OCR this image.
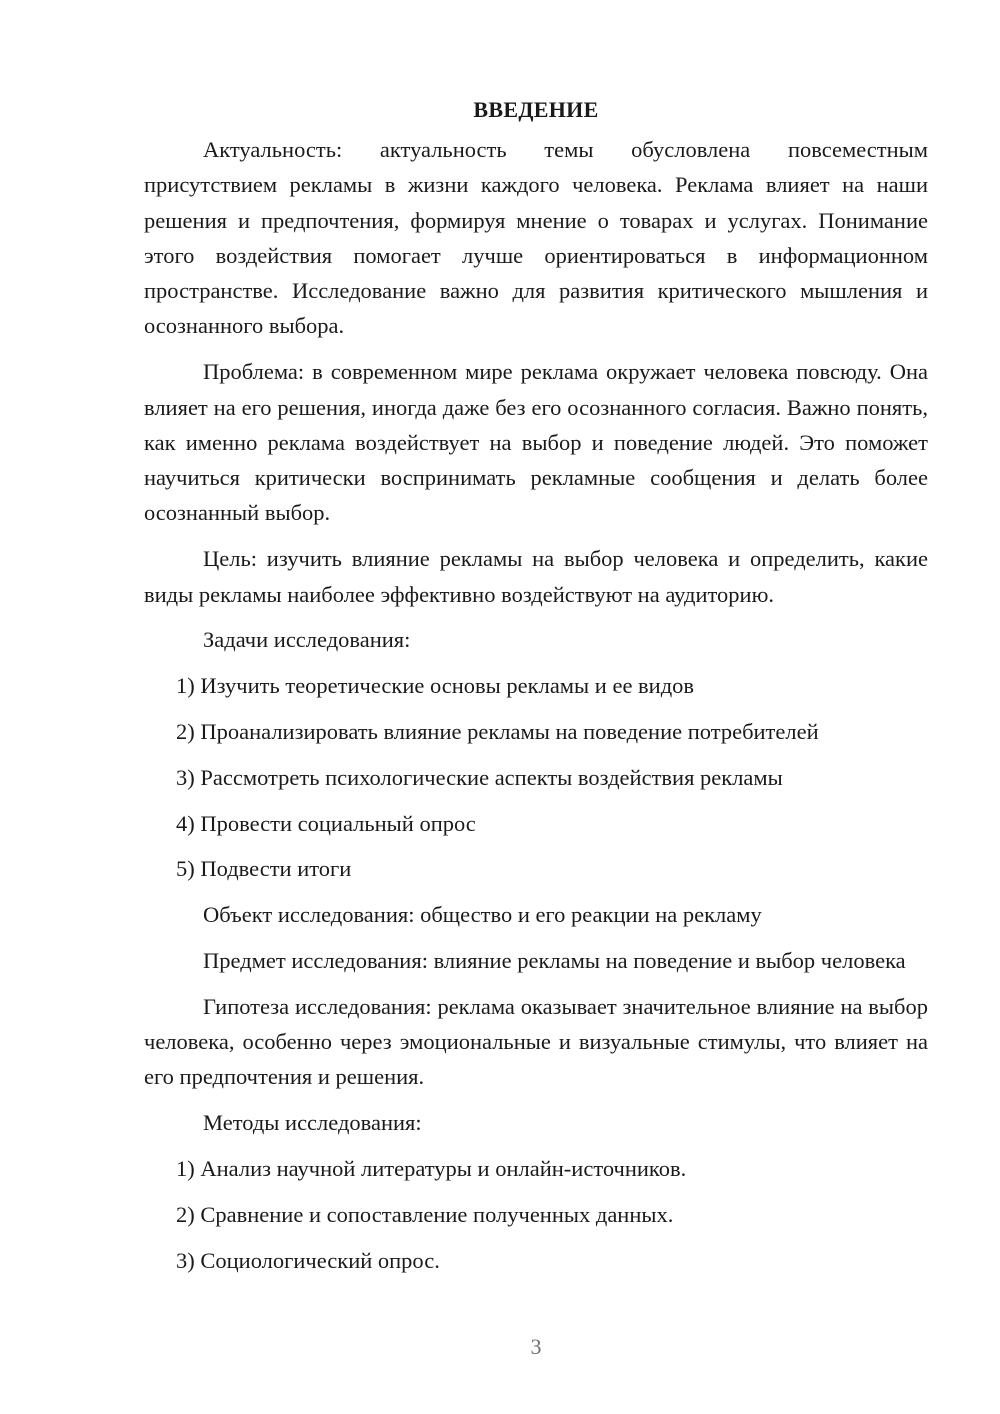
ВВЕДЕНИЕ

Актуальность: актуальность темы обусловлена повсеместным присутствием рекламы в жизни каждого человека. Реклама влияет на наши решения и предпочтения, формируя мнение о товарах и услугах. Понимание этого воздействия помогает лучше ориентироваться в информационном пространстве. Исследование важно для развития критического мышления и осознанного выбора.

Проблема: в современном мире реклама окружает человека повсюду. Она влияет на его решения, иногда даже без его осознанного согласия. Важно понять, как именно реклама воздействует на выбор и поведение людей. Это поможет научиться критически воспринимать рекламные сообщения и делать более осознанный выбор.

Цель: изучить влияние рекламы на выбор человека и определить, какие виды рекламы наиболее эффективно воздействуют на аудиторию.

Задачи исследования:

1) Изучить теоретические основы рекламы и ее видов

2) Проанализировать влияние рекламы на поведение потребителей

3) Рассмотреть психологические аспекты воздействия рекламы

4) Провести социальный опрос

5) Подвести итоги

Объект исследования: общество и его реакции на рекламу

Предмет исследования: влияние рекламы на поведение и выбор человека

Гипотеза исследования: реклама оказывает значительное влияние на выбор человека, особенно через эмоциональные и визуальные стимулы, что влияет на его предпочтения и решения.

Методы исследования:

1) Анализ научной литературы и онлайн-источников.

2) Сравнение и сопоставление полученных данных.

3) Социологический опрос.

3
